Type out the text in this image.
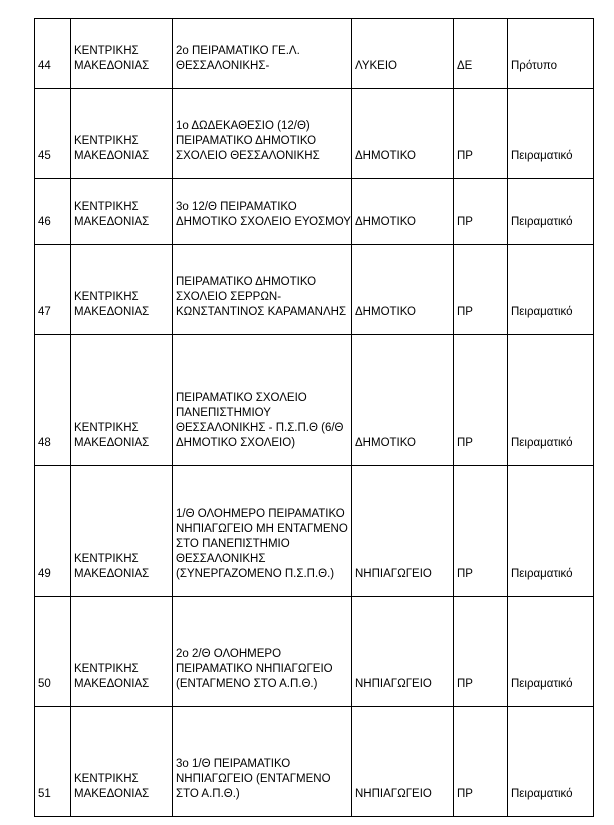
44	ΚΕΝΤΡΙΚΗΣ ΜΑΚΕΔΟΝΙΑΣ	2ο ΠΕΙΡΑΜΑΤΙΚΟ ΓΕ.Λ. ΘΕΣΣΑΛΟΝΙΚΗΣ-	ΛΥΚΕΙΟ	ΔΕ	Πρότυπο
45	ΚΕΝΤΡΙΚΗΣ ΜΑΚΕΔΟΝΙΑΣ	1ο ΔΩΔΕΚΑΘΕΣΙΟ (12/Θ) ΠΕΙΡΑΜΑΤΙΚΟ ΔΗΜΟΤΙΚΟ ΣΧΟΛΕΙΟ ΘΕΣΣΑΛΟΝΙΚΗΣ	ΔΗΜΟΤΙΚΟ	ΠΡ	Πειραματικό
46	ΚΕΝΤΡΙΚΗΣ ΜΑΚΕΔΟΝΙΑΣ	3ο 12/Θ ΠΕΙΡΑΜΑΤΙΚΟ ΔΗΜΟΤΙΚΟ ΣΧΟΛΕΙΟ ΕΥΟΣΜΟΥ	ΔΗΜΟΤΙΚΟ	ΠΡ	Πειραματικό
47	ΚΕΝΤΡΙΚΗΣ ΜΑΚΕΔΟΝΙΑΣ	ΠΕΙΡΑΜΑΤΙΚΟ ΔΗΜΟΤΙΚΟ ΣΧΟΛΕΙΟ ΣΕΡΡΩΝ-ΚΩΝΣΤΑΝΤΙΝΟΣ ΚΑΡΑΜΑΝΛΗΣ	ΔΗΜΟΤΙΚΟ	ΠΡ	Πειραματικό
48	ΚΕΝΤΡΙΚΗΣ ΜΑΚΕΔΟΝΙΑΣ	ΠΕΙΡΑΜΑΤΙΚΟ ΣΧΟΛΕΙΟ ΠΑΝΕΠΙΣΤΗΜΙΟΥ ΘΕΣΣΑΛΟΝΙΚΗΣ - Π.Σ.Π.Θ (6/Θ ΔΗΜΟΤΙΚΟ ΣΧΟΛΕΙΟ)	ΔΗΜΟΤΙΚΟ	ΠΡ	Πειραματικό
49	ΚΕΝΤΡΙΚΗΣ ΜΑΚΕΔΟΝΙΑΣ	1/Θ ΟΛΟΗΜΕΡΟ ΠΕΙΡΑΜΑΤΙΚΟ ΝΗΠΙΑΓΩΓΕΙΟ ΜΗ ΕΝΤΑΓΜΕΝΟ ΣΤΟ ΠΑΝΕΠΙΣΤΗΜΙΟ ΘΕΣΣΑΛΟΝΙΚΗΣ (ΣΥΝΕΡΓΑΖΟΜΕΝΟ Π.Σ.Π.Θ.)	ΝΗΠΙΑΓΩΓΕΙΟ	ΠΡ	Πειραματικό
50	ΚΕΝΤΡΙΚΗΣ ΜΑΚΕΔΟΝΙΑΣ	2ο 2/Θ ΟΛΟΗΜΕΡΟ ΠΕΙΡΑΜΑΤΙΚΟ ΝΗΠΙΑΓΩΓΕΙΟ (ΕΝΤΑΓΜΕΝΟ ΣΤΟ Α.Π.Θ.)	ΝΗΠΙΑΓΩΓΕΙΟ	ΠΡ	Πειραματικό
51	ΚΕΝΤΡΙΚΗΣ ΜΑΚΕΔΟΝΙΑΣ	3ο 1/Θ ΠΕΙΡΑΜΑΤΙΚΟ ΝΗΠΙΑΓΩΓΕΙΟ (ΕΝΤΑΓΜΕΝΟ ΣΤΟ Α.Π.Θ.)	ΝΗΠΙΑΓΩΓΕΙΟ	ΠΡ	Πειραματικό
